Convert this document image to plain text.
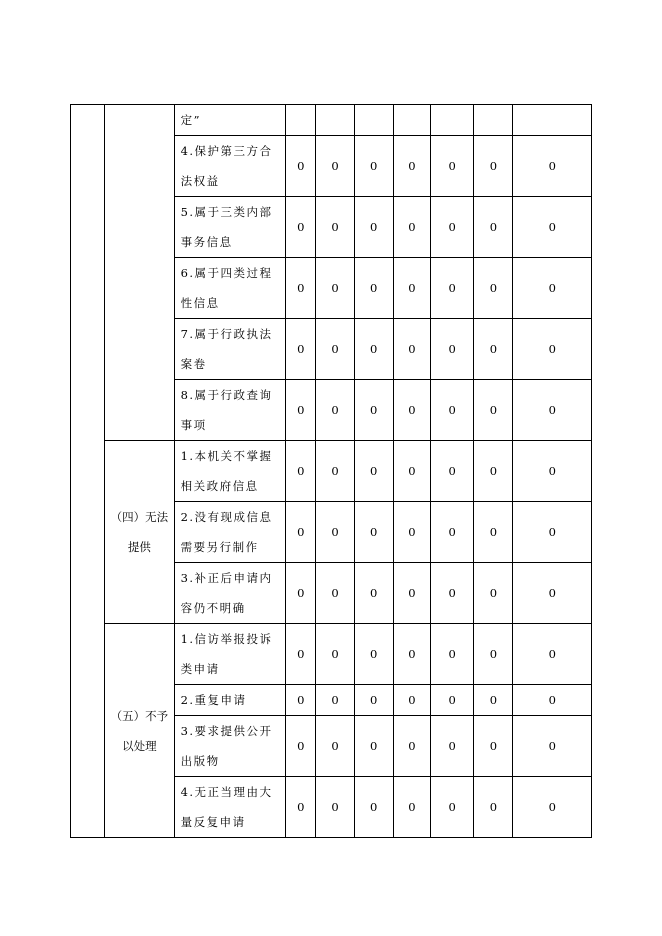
		定”							
		4.保护第三方合法权益	0	0	0	0	0	0	0
		5.属于三类内部事务信息	0	0	0	0	0	0	0
		6.属于四类过程性信息	0	0	0	0	0	0	0
		7.属于行政执法案卷	0	0	0	0	0	0	0
		8.属于行政查询事项	0	0	0	0	0	0	0
	（四）无法提供	1.本机关不掌握相关政府信息	0	0	0	0	0	0	0
		2.没有现成信息需要另行制作	0	0	0	0	0	0	0
		3.补正后申请内容仍不明确	0	0	0	0	0	0	0
	（五）不予以处理	1.信访举报投诉类申请	0	0	0	0	0	0	0
		2.重复申请	0	0	0	0	0	0	0
		3.要求提供公开出版物	0	0	0	0	0	0	0
		4.无正当理由大量反复申请	0	0	0	0	0	0	0
